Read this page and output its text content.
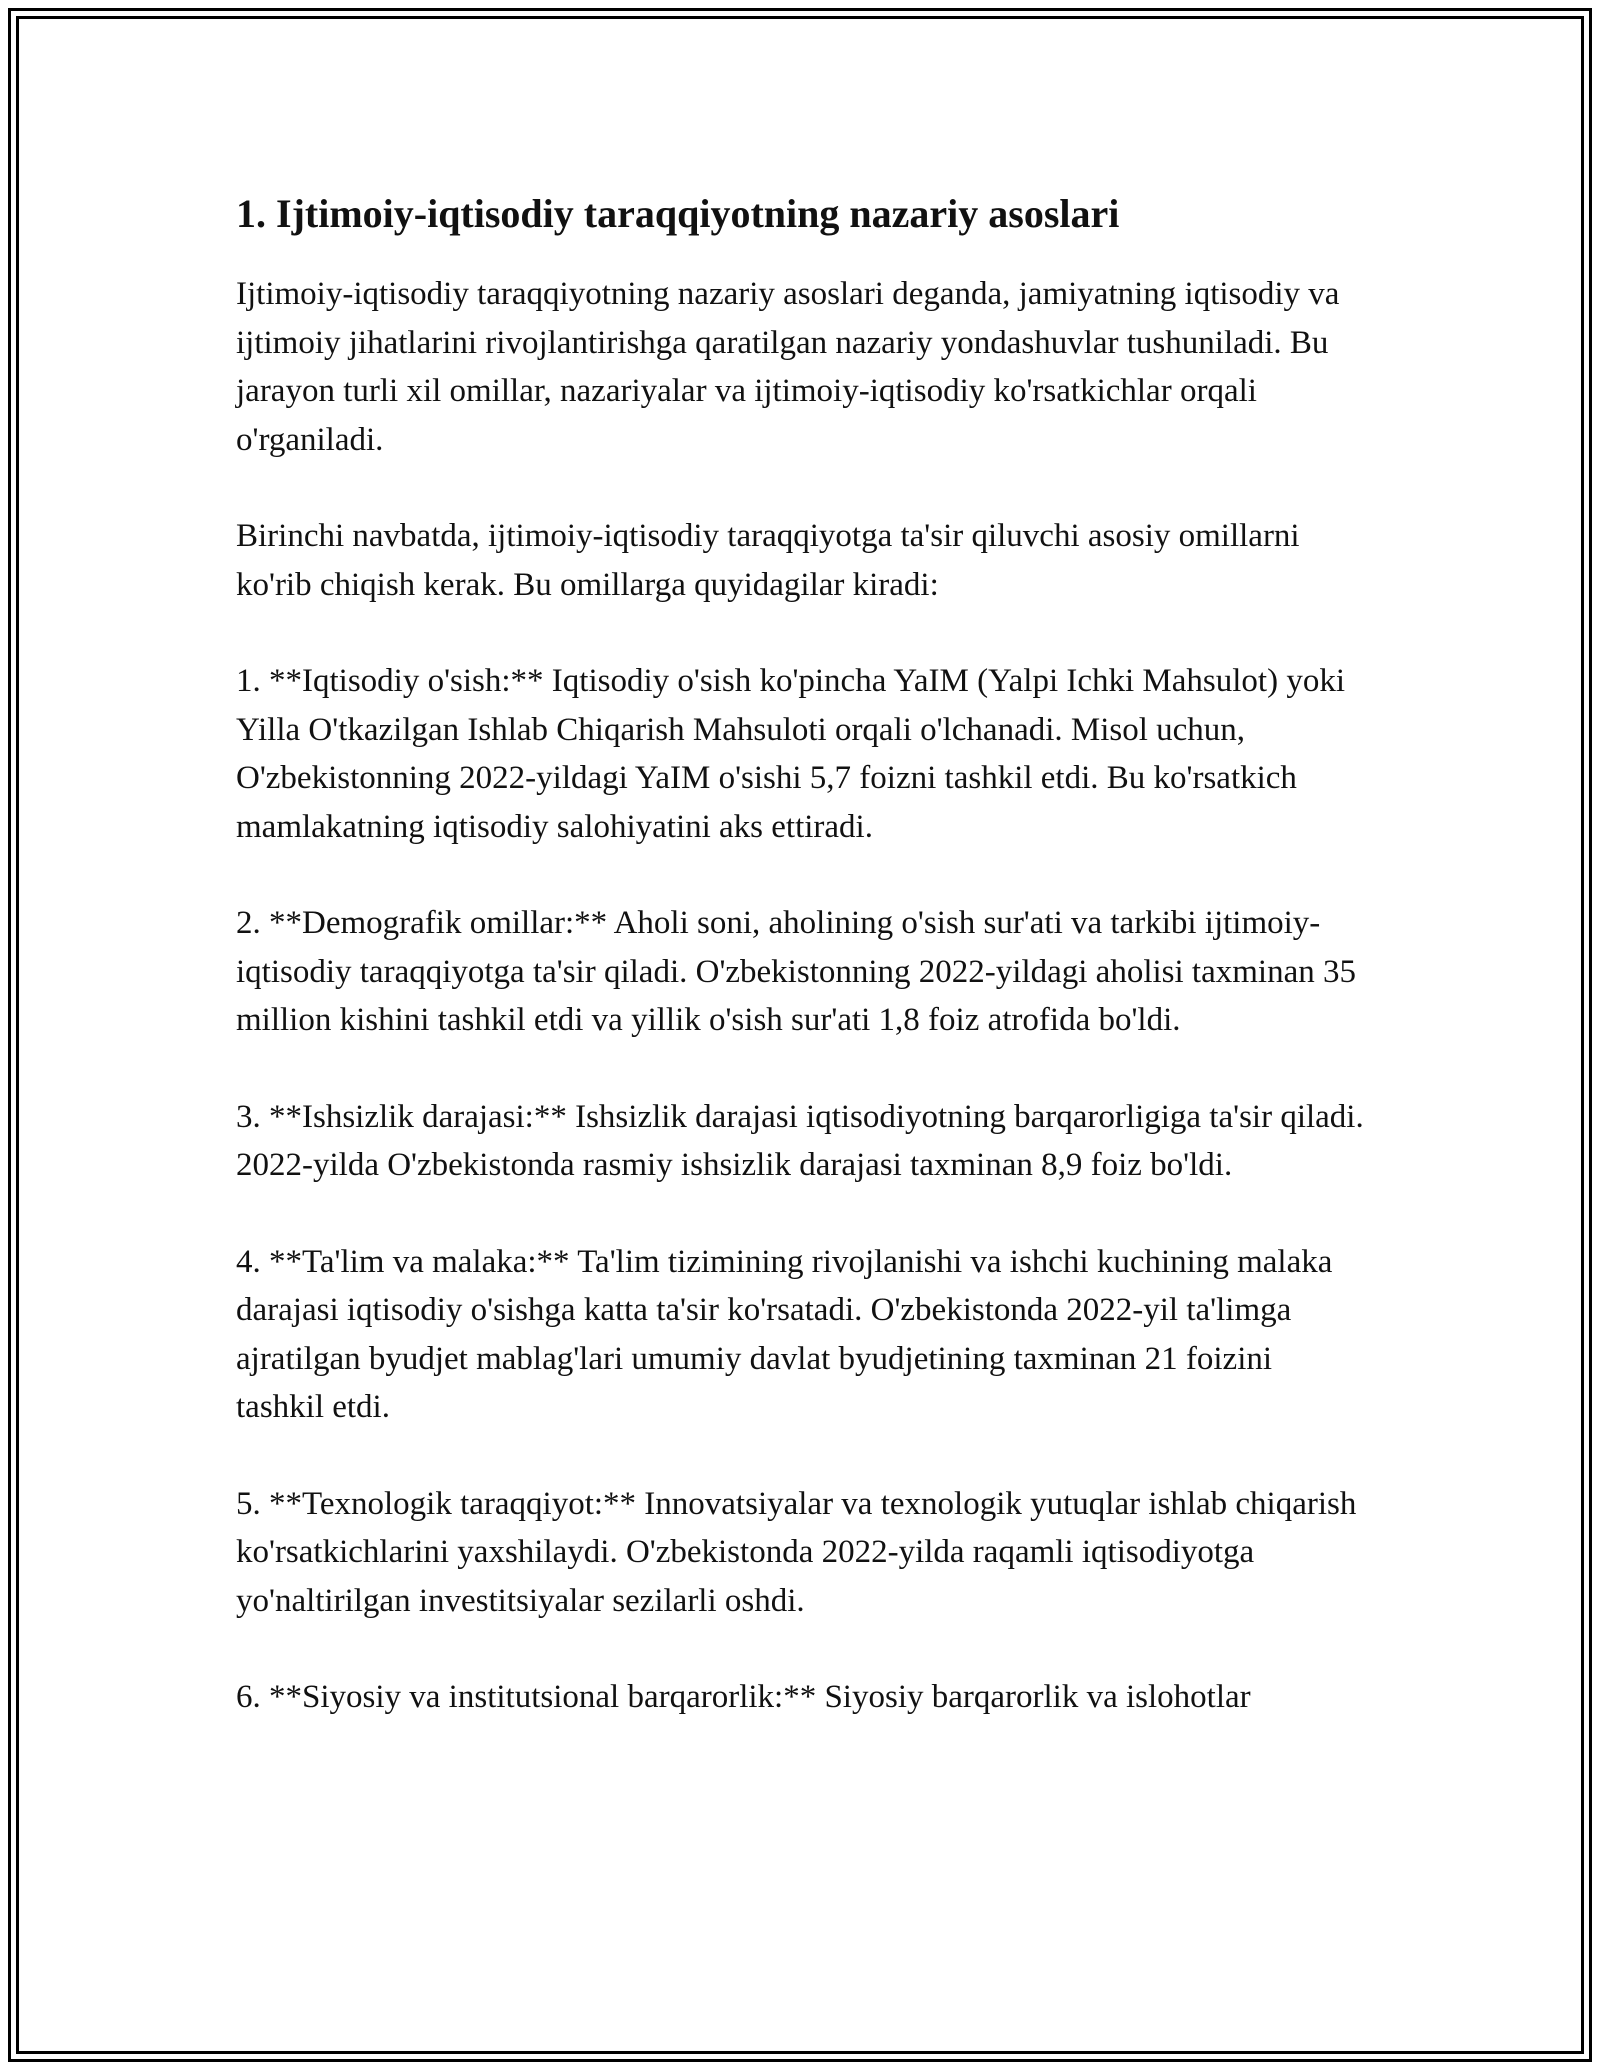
1. Ijtimoiy-iqtisodiy taraqqiyotning nazariy asoslari

Ijtimoiy-iqtisodiy taraqqiyotning nazariy asoslari deganda, jamiyatning iqtisodiy va ijtimoiy jihatlarini rivojlantirishga qaratilgan nazariy yondashuvlar tushuniladi. Bu jarayon turli xil omillar, nazariyalar va ijtimoiy-iqtisodiy ko'rsatkichlar orqali o'rganiladi.

Birinchi navbatda, ijtimoiy-iqtisodiy taraqqiyotga ta'sir qiluvchi asosiy omillarni ko'rib chiqish kerak. Bu omillarga quyidagilar kiradi:

1. **Iqtisodiy o'sish:** Iqtisodiy o'sish ko'pincha YaIM (Yalpi Ichki Mahsulot) yoki Yilla O'tkazilgan Ishlab Chiqarish Mahsuloti orqali o'lchanadi. Misol uchun, O'zbekistonning 2022-yildagi YaIM o'sishi 5,7 foizni tashkil etdi. Bu ko'rsatkich mamlakatning iqtisodiy salohiyatini aks ettiradi.

2. **Demografik omillar:** Aholi soni, aholining o'sish sur'ati va tarkibi ijtimoiy-iqtisodiy taraqqiyotga ta'sir qiladi. O'zbekistonning 2022-yildagi aholisi taxminan 35 million kishini tashkil etdi va yillik o'sish sur'ati 1,8 foiz atrofida bo'ldi.

3. **Ishsizlik darajasi:** Ishsizlik darajasi iqtisodiyotning barqarorligiga ta'sir qiladi. 2022-yilda O'zbekistonda rasmiy ishsizlik darajasi taxminan 8,9 foiz bo'ldi.

4. **Ta'lim va malaka:** Ta'lim tizimining rivojlanishi va ishchi kuchining malaka darajasi iqtisodiy o'sishga katta ta'sir ko'rsatadi. O'zbekistonda 2022-yil ta'limga ajratilgan byudjet mablag'lari umumiy davlat byudjetining taxminan 21 foizini tashkil etdi.

5. **Texnologik taraqqiyot:** Innovatsiyalar va texnologik yutuqlar ishlab chiqarish ko'rsatkichlarini yaxshilaydi. O'zbekistonda 2022-yilda raqamli iqtisodiyotga yo'naltirilgan investitsiyalar sezilarli oshdi.

6. **Siyosiy va institutsional barqarorlik:** Siyosiy barqarorlik va islohotlar
